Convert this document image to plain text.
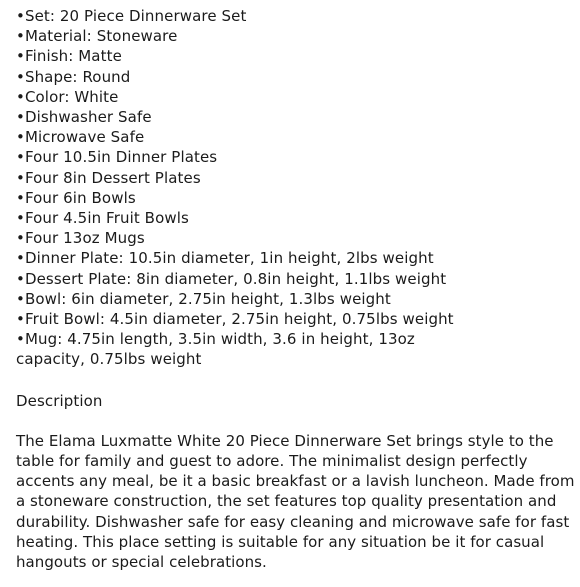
•Set: 20 Piece Dinnerware Set
•Material: Stoneware
•Finish: Matte
•Shape: Round
•Color: White
•Dishwasher Safe
•Microwave Safe
•Four 10.5in Dinner Plates
•Four 8in Dessert Plates
•Four 6in Bowls
•Four 4.5in Fruit Bowls
•Four 13oz Mugs
•Dinner Plate: 10.5in diameter, 1in height, 2lbs weight
•Dessert Plate: 8in diameter, 0.8in height, 1.1lbs weight
•Bowl: 6in diameter, 2.75in height, 1.3lbs weight
•Fruit Bowl: 4.5in diameter, 2.75in height, 0.75lbs weight
•Mug: 4.75in length, 3.5in width, 3.6 in height, 13oz capacity, 0.75lbs weight
Description

The Elama Luxmatte White 20 Piece Dinnerware Set brings style to the table for family and guest to adore. The minimalist design perfectly accents any meal, be it a basic breakfast or a lavish luncheon. Made from a stoneware construction, the set features top quality presentation and durability. Dishwasher safe for easy cleaning and microwave safe for fast heating. This place setting is suitable for any situation be it for casual hangouts or special celebrations.
